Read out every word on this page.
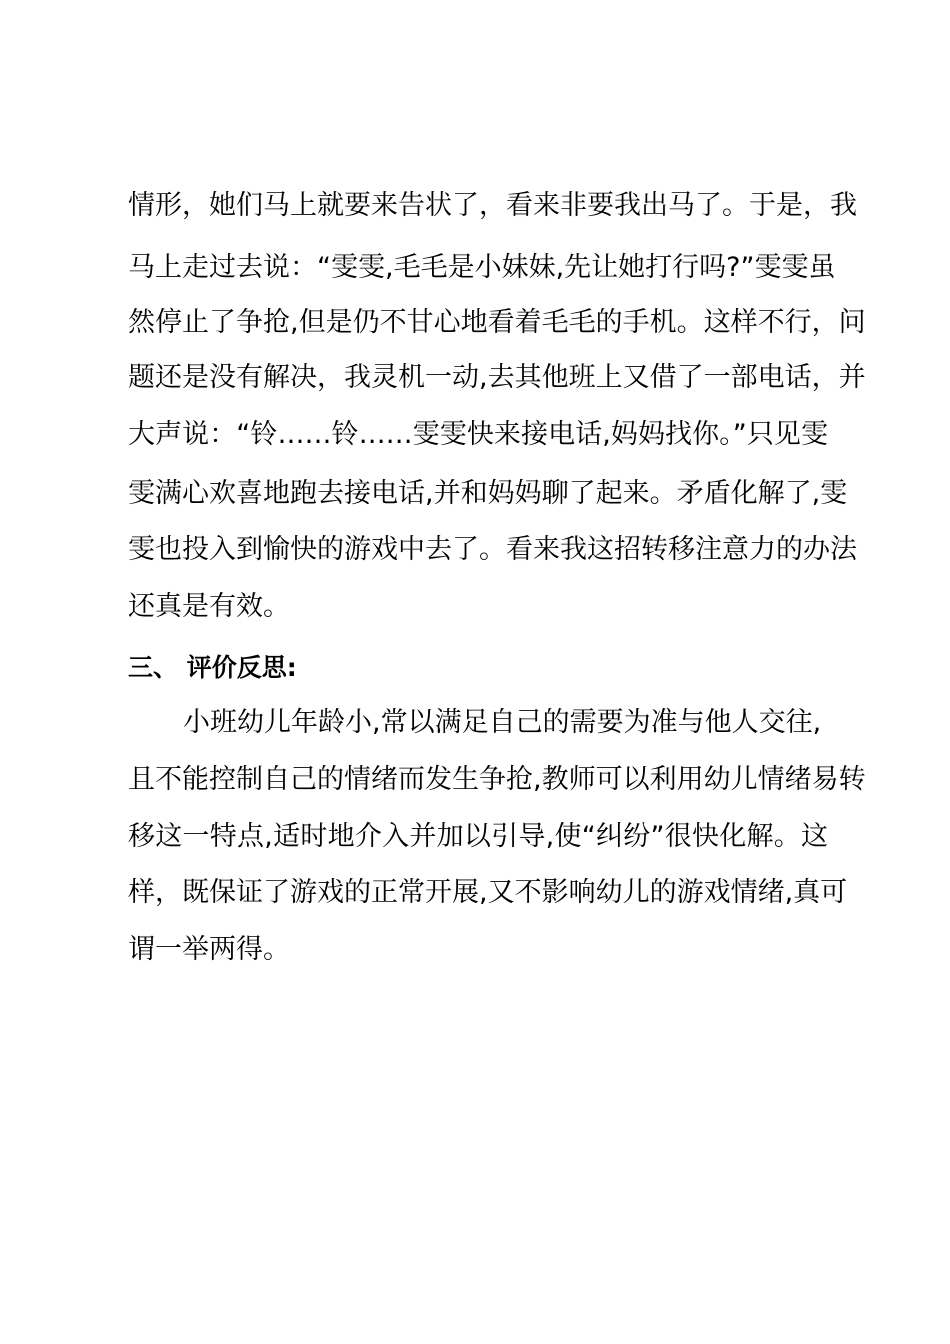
情形，她们马上就要来告状了，看来非要我出马了。于是，我
马上走过去说：“雯雯,毛毛是小妹妹,先让她打行吗?”雯雯虽
然停止了争抢,但是仍不甘心地看着毛毛的手机。这样不行，问
题还是没有解决，我灵机一动,去其他班上又借了一部电话，并
大声说：“铃……铃……雯雯快来接电话,妈妈找你。”只见雯
雯满心欢喜地跑去接电话,并和妈妈聊了起来。矛盾化解了,雯
雯也投入到愉快的游戏中去了。看来我这招转移注意力的办法
还真是有效。
三、 评价反思:
小班幼儿年龄小,常以满足自己的需要为准与他人交往,
且不能控制自己的情绪而发生争抢,教师可以利用幼儿情绪易转
移这一特点,适时地介入并加以引导,使“纠纷”很快化解。这
样，既保证了游戏的正常开展,又不影响幼儿的游戏情绪,真可
谓一举两得。
